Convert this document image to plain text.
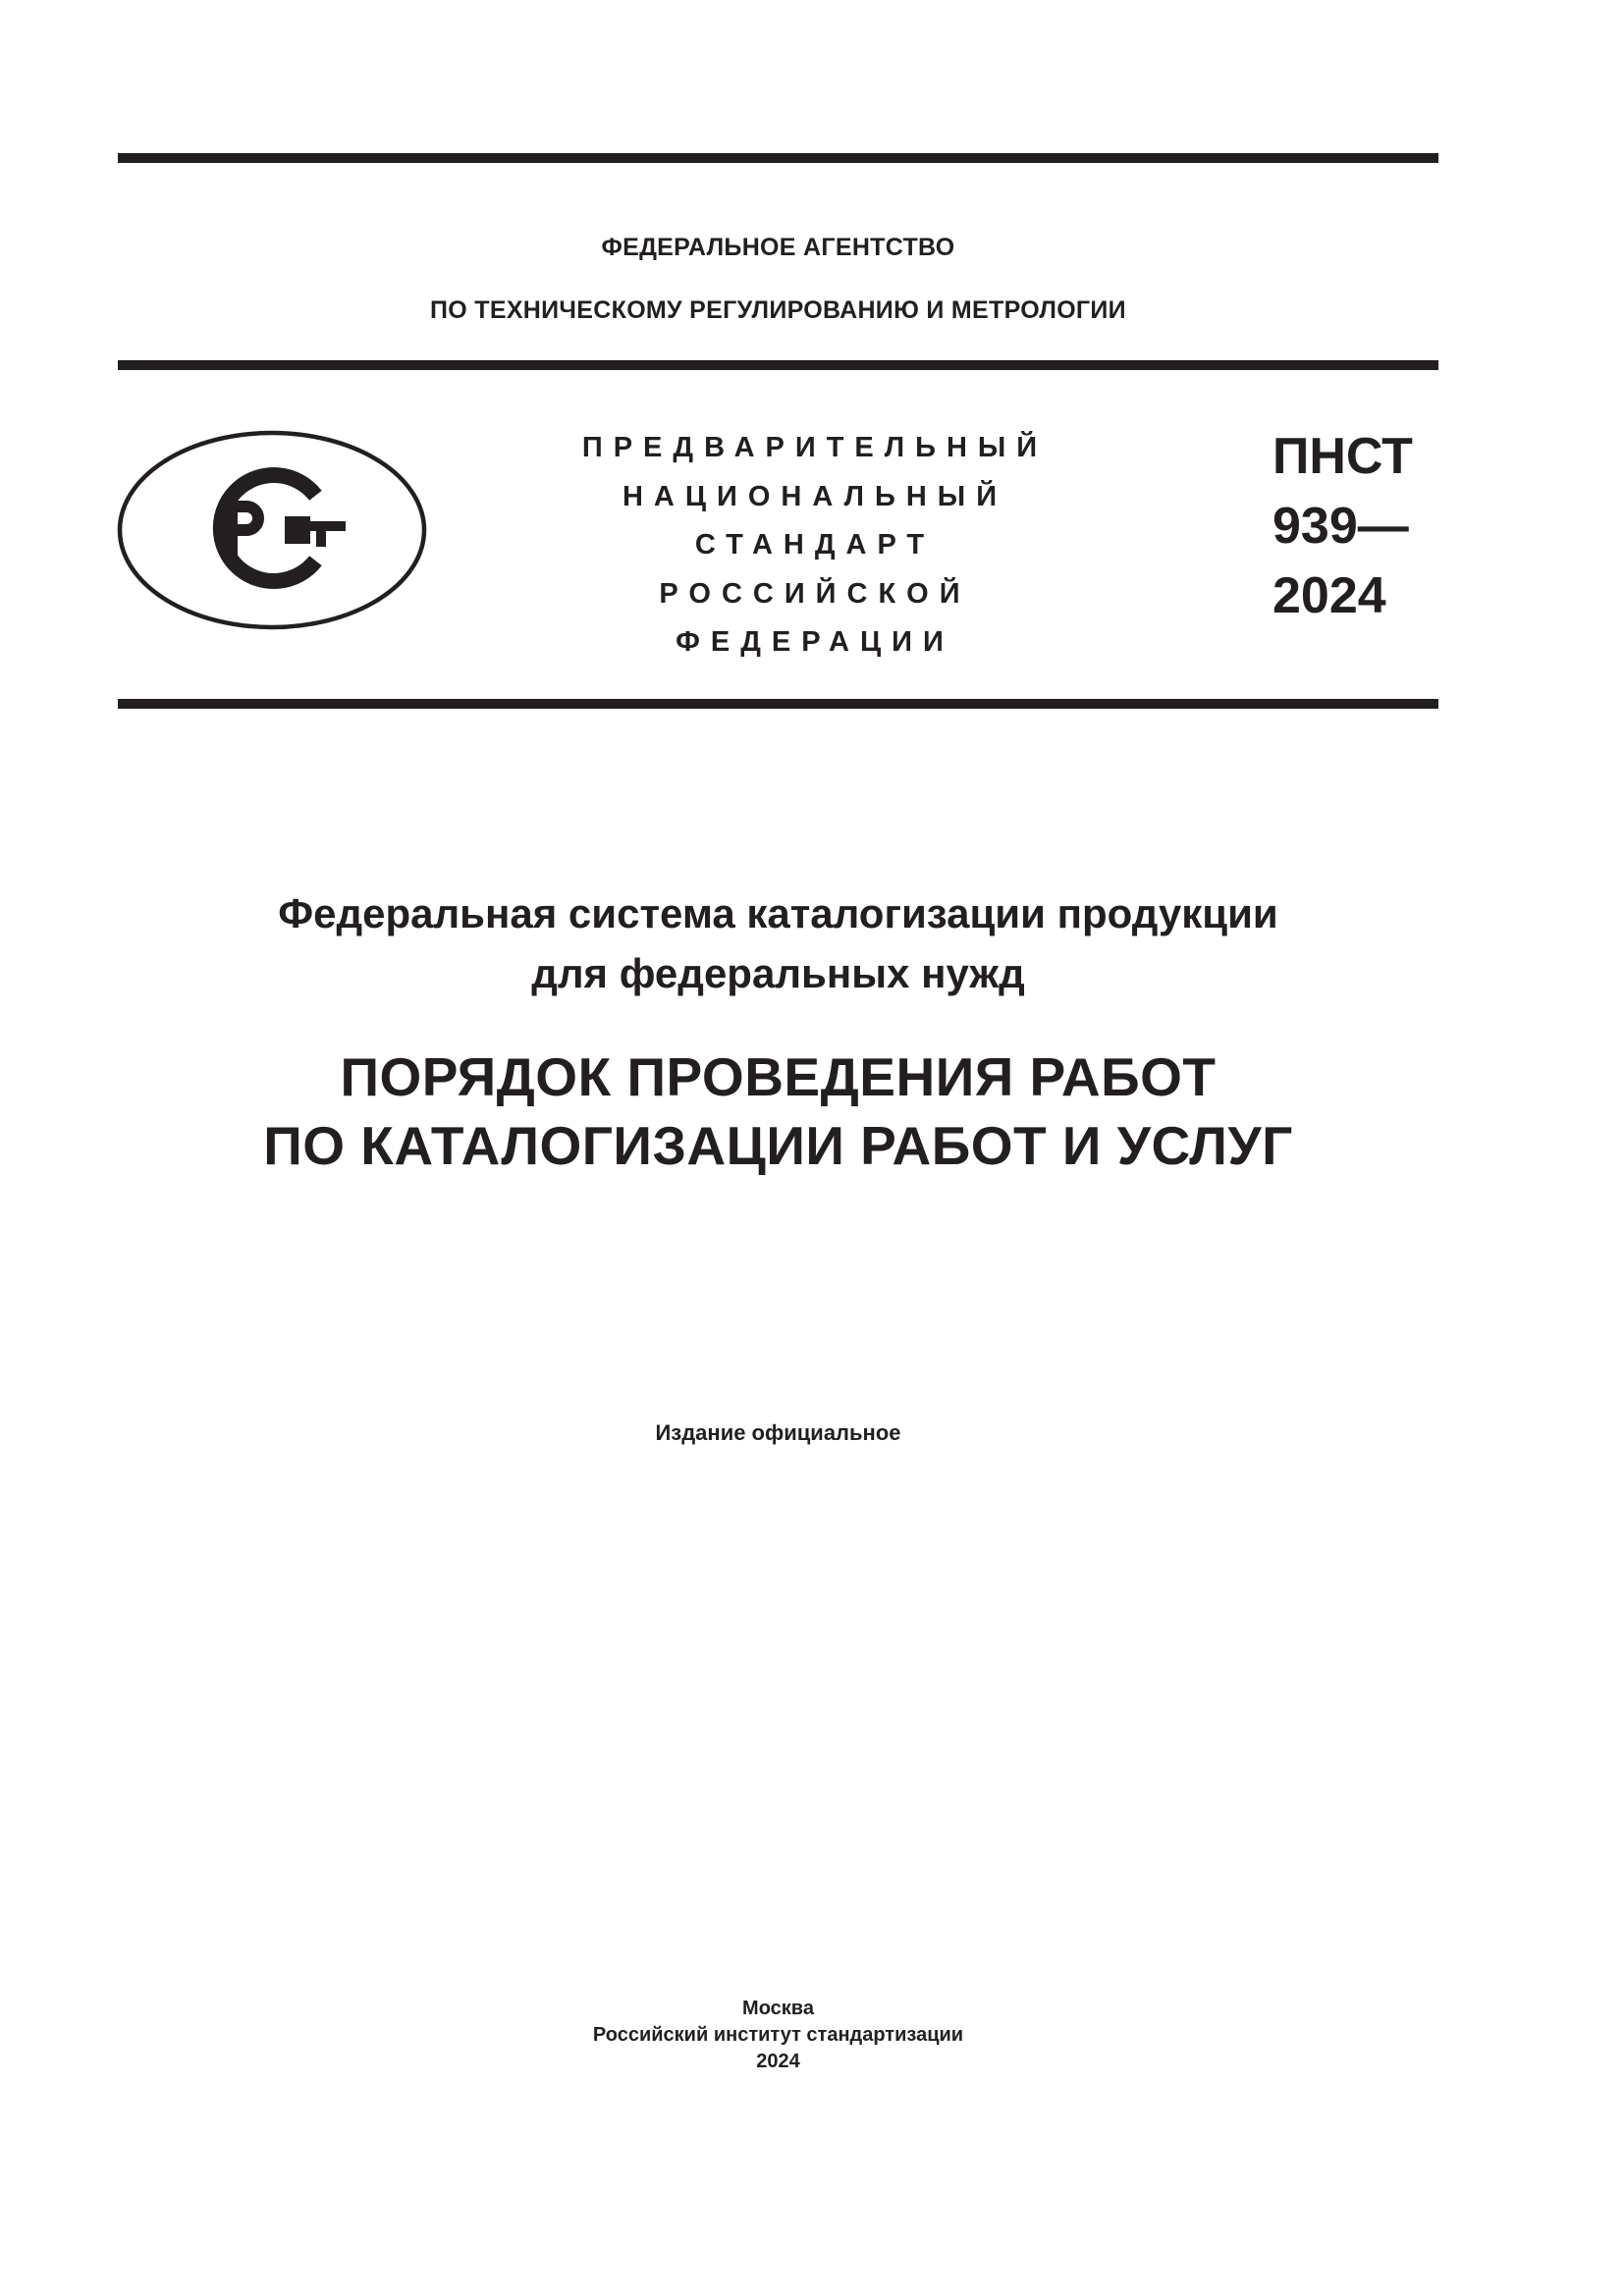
ФЕДЕРАЛЬНОЕ АГЕНТСТВО
ПО ТЕХНИЧЕСКОМУ РЕГУЛИРОВАНИЮ И МЕТРОЛОГИИ
ПРЕДВАРИТЕЛЬНЫЙ
НАЦИОНАЛЬНЫЙ
СТАНДАРТ
РОССИЙСКОЙ
ФЕДЕРАЦИИ
ПНСТ
939—
2024
Федеральная система каталогизации продукции
для федеральных нужд
ПОРЯДОК ПРОВЕДЕНИЯ РАБОТ
ПО КАТАЛОГИЗАЦИИ РАБОТ И УСЛУГ
Издание официальное
Москва
Российский институт стандартизации
2024
